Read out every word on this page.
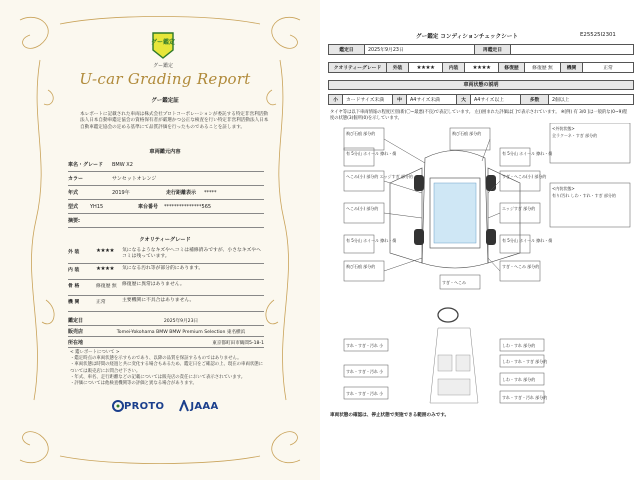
グー鑑定
グー鑑定
U-car Grading Report
グー鑑定証
本レポートに記載された車両は株式会社プロトコーポレーションが委託する特定非営利活動法人日本自動車鑑定協会の資格保有者が厳選かつ公正な検査を行い特定非営利活動法人日本自動車鑑定協会の定める基準にて品質評価を行ったものであることを証します。
車両鑑元内容
車名・グレード	BMW X2
カラー	サンセットオレンジ
年式	2019年	走行距離表示 *****
型式	YH15	車台番号 ***************565
摘要:
クオリティーグレード
外 装	★★★★	気になるようなキズやへコミは補修済みですが、小さなキズやヘコミは残っています。
内 装	★★★★	気になる汚れ等が部分的にあります。
骨 格	修復歴 無	修復歴に異常はありません。
機 関	正常	主要機関に不具合はありません。
鑑定日	2025年9月23日
販売店	Tomei-Yokohama BMW BMW Premium Selection 東名横浜
所在地	東京都町田市鶴間5-18-1
< 鑑レポートについて >
・鑑定時点の車両状態を示すものであり、以降の品質を保証するものではありません。
・車両状態は時間の経過と共に変化する場合もあるため、鑑定日をご確認の上、現在の車両状態については販売店にお問合せ下さい。
・年式、車名、走行距離などの記載については販売店の責任において表示されています。
・評価については他検査機関等の評価と異なる場合があります。
PROTO	JAAA
グー鑑定 コンディションチェックシート	E25525I2301
鑑定日	2025年9月23日	再鑑定日	
クオリティーグレード	外装	★★★★	内装	★★★★	修復歴	修復歴 無	機関	正常
車両状態の説明
小	カードサイズ未満	中	A4サイズ未満	大	A4サイズ以上	多数	2個以上
タイヤ等は以下車両情報の程度区別(新)〇~最悪(不良)で表記しています。 左()囲まれた評価は[ ]で表示されています。 ※[例) 有 3/0 ]は一般的な(0~9)程度の状態(3)個所(0)を示しています。
飛び石痕 部分的	飛び石痕 部分的
<外装状態>
全ラクーネ・すぎ 部分的
有 5分山 ホイール 擦れ・傷	有 5分山 ホイール 擦れ・傷
へこみ(小) 部分的 エッジすぎ 部分的	すぎ・へこみ(小) 部分的
へこみ(小) 部分的	エッジすぎ 部分的
有 5分山 ホイール 擦れ・傷	有 5分山 ホイール 擦れ・傷
飛び石痕 部分的	すぎ・へこみ 部分的
すぎ・へこみ
<内装状態>
有り/汚れ しわ・すれ・すぎ 部分的
すれ・すぎ・汚れ 小	しわ・すれ 部分的
すれ・すぎ・汚れ 小
しわ・すれ・すぎ 部分的
しわ・すれ 部分的
すれ・すぎ・汚れ 小
すれ・すぎ・汚れ 部分的
車両状態の確認は、停止状態で実施できる範囲のみです。
